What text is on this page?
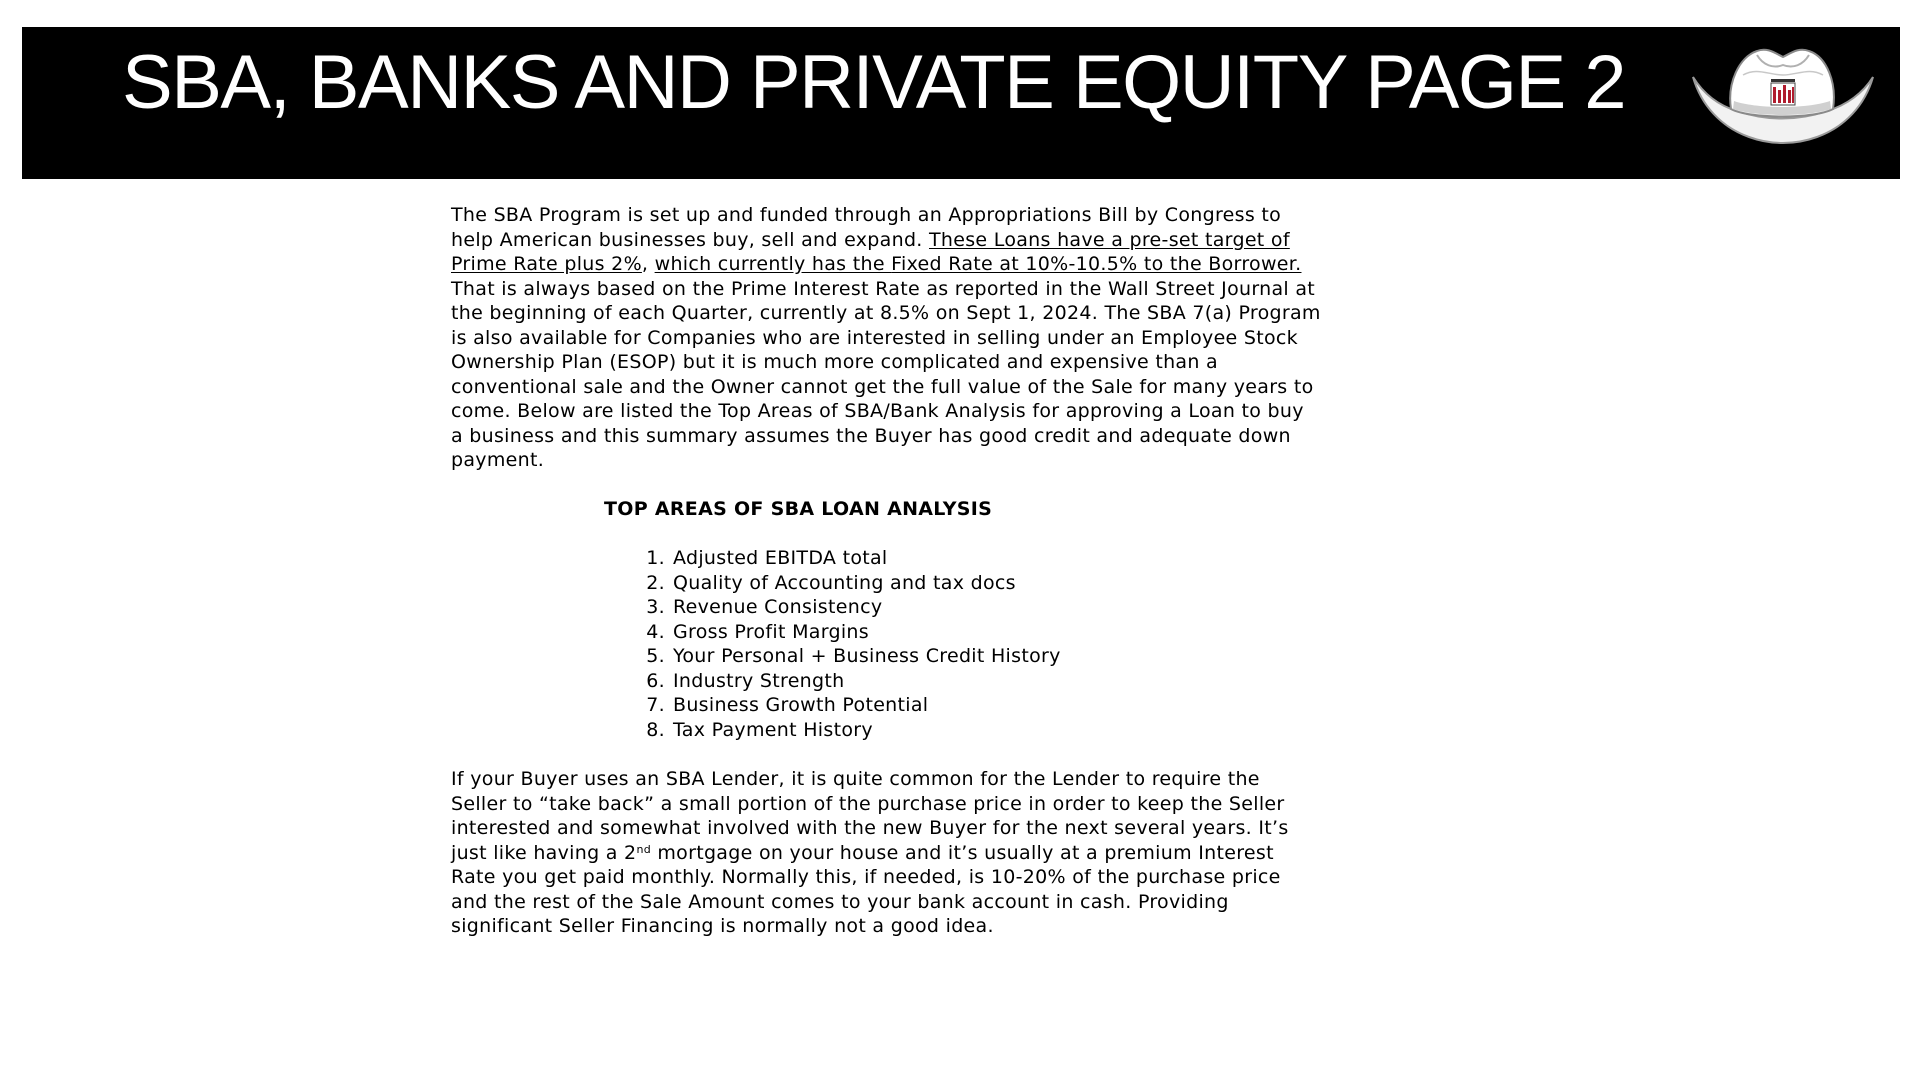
SBA, BANKS AND PRIVATE EQUITY PAGE 2

The SBA Program is set up and funded through an Appropriations Bill by Congress to help American businesses buy, sell and expand. These Loans have a pre-set target of Prime Rate plus 2%, which currently has the Fixed Rate at 10%-10.5% to the Borrower. That is always based on the Prime Interest Rate as reported in the Wall Street Journal at the beginning of each Quarter, currently at 8.5% on Sept 1, 2024. The SBA 7(a) Program is also available for Companies who are interested in selling under an Employee Stock Ownership Plan (ESOP) but it is much more complicated and expensive than a conventional sale and the Owner cannot get the full value of the Sale for many years to come. Below are listed the Top Areas of SBA/Bank Analysis for approving a Loan to buy a business and this summary assumes the Buyer has good credit and adequate down payment.

TOP AREAS OF SBA LOAN ANALYSIS

1. Adjusted EBITDA total
2. Quality of Accounting and tax docs
3. Revenue Consistency
4. Gross Profit Margins
5. Your Personal + Business Credit History
6. Industry Strength
7. Business Growth Potential
8. Tax Payment History

If your Buyer uses an SBA Lender, it is quite common for the Lender to require the Seller to “take back” a small portion of the purchase price in order to keep the Seller interested and somewhat involved with the new Buyer for the next several years. It’s just like having a 2nd mortgage on your house and it’s usually at a premium Interest Rate you get paid monthly. Normally this, if needed, is 10-20% of the purchase price and the rest of the Sale Amount comes to your bank account in cash. Providing significant Seller Financing is normally not a good idea.
